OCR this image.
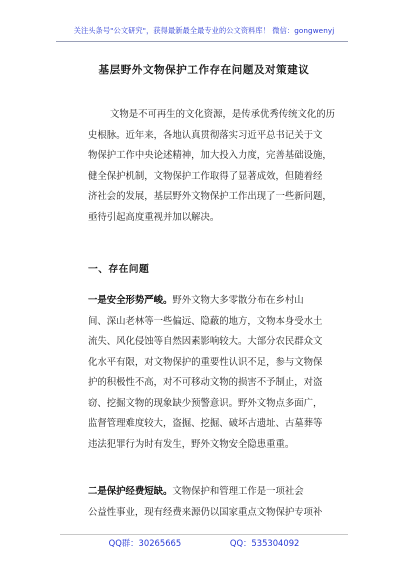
关注头条号"公文研究"，获得最新最全最专业的公文资料库！ 微信：gongwenyj
基层野外文物保护工作存在问题及对策建议
文物是不可再生的文化资源，是传承优秀传统文化的历
史根脉。近年来，各地认真贯彻落实习近平总书记关于文
物保护工作中央论述精神，加大投入力度，完善基础设施，
健全保护机制，文物保护工作取得了显著成效，但随着经
济社会的发展，基层野外文物保护工作出现了一些新问题，
亟待引起高度重视并加以解决。
一、存在问题
一是安全形势严峻。野外文物大多零散分布在乡村山
间、深山老林等一些偏远、隐蔽的地方，文物本身受水土
流失、风化侵蚀等自然因素影响较大。大部分农民群众文
化水平有限，对文物保护的重要性认识不足，参与文物保
护的积极性不高，对不可移动文物的损害不予制止，对盗
窃、挖掘文物的现象缺少预警意识。野外文物点多面广，
监督管理难度较大，盗掘、挖掘、破坏古遗址、古墓葬等
违法犯罪行为时有发生，野外文物安全隐患重重。
二是保护经费短缺。文物保护和管理工作是一项社会
公益性事业，现有经费来源仍以国家重点文物保护专项补
QQ群：30265665	QQ：535304092
